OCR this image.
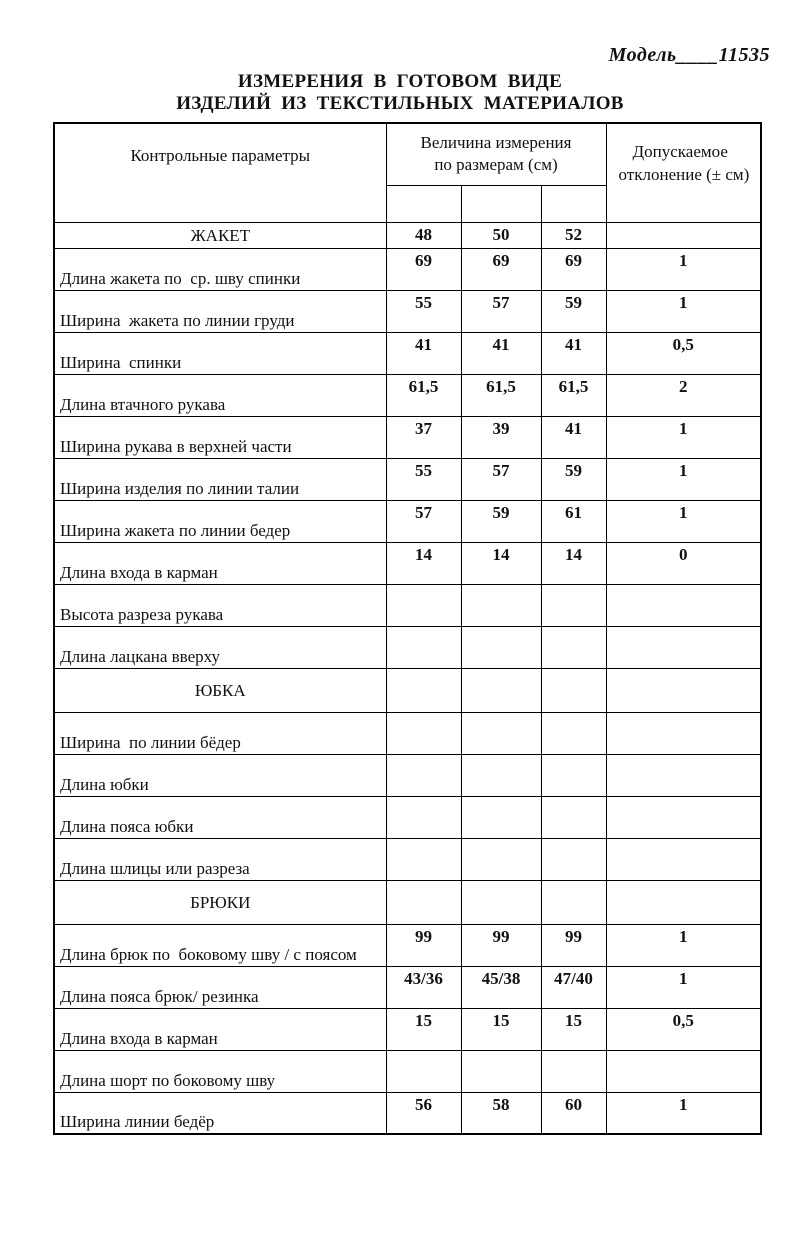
Модель____11535
ИЗМЕРЕНИЯ В ГОТОВОМ ВИДЕ
ИЗДЕЛИЙ ИЗ ТЕКСТИЛЬНЫХ МАТЕРИАЛОВ
Контрольные параметры	Величина измерения по размерам (см)			Допускаемое отклонение (± см)

ЖАКЕТ	48	50	52	
Длина жакета по  ср. шву спинки	69	69	69	1
Ширина  жакета по линии груди	55	57	59	1
Ширина  спинки	41	41	41	0,5
Длина втачного рукава	61,5	61,5	61,5	2
Ширина рукава в верхней части	37	39	41	1
Ширина изделия по линии талии	55	57	59	1
Ширина жакета по линии бедер	57	59	61	1
Длина входа в карман	14	14	14	0
Высота разреза рукава				
Длина лацкана вверху				
ЮБКА				
Ширина  по линии бёдер				
Длина юбки				
Длина пояса юбки				
Длина шлицы или разреза				
БРЮКИ				
Длина брюк по  боковому шву / с поясом	99	99	99	1
Длина пояса брюк/ резинка	43/36	45/38	47/40	1
Длина входа в карман	15	15	15	0,5
Длина шорт по боковому шву				
Ширина линии бедёр	56	58	60	1
